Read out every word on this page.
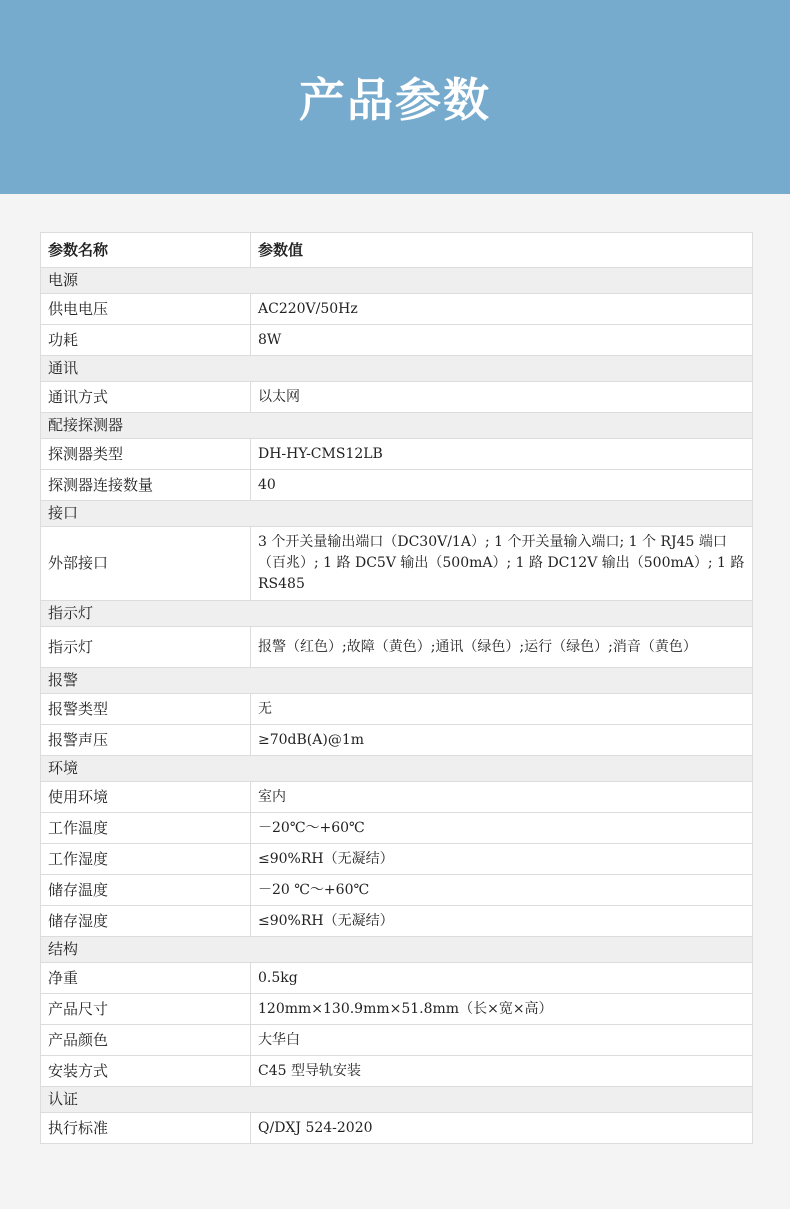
产品参数
参数名称	参数值
电源	
供电电压	AC220V/50Hz
功耗	8W
通讯	
通讯方式	以太网
配接探测器	
探测器类型	DH-HY-CMS12LB
探测器连接数量	40
接口	
外部接口	3 个开关量输出端口（DC30V/1A）; 1 个开关量输入端口; 1 个 RJ45 端口（百兆）; 1 路 DC5V 输出（500mA）; 1 路 DC12V 输出（500mA）; 1 路 RS485
指示灯	
指示灯	报警（红色）;故障（黄色）;通讯（绿色）;运行（绿色）;消音（黄色）
报警	
报警类型	无
报警声压	≥70dB(A)@1m
环境	
使用环境	室内
工作温度	－20℃～+60℃
工作湿度	≤90%RH（无凝结）
储存温度	－20 ℃～+60℃
储存湿度	≤90%RH（无凝结）
结构	
净重	0.5kg
产品尺寸	120mm×130.9mm×51.8mm（长×宽×高）
产品颜色	大华白
安装方式	C45 型导轨安装
认证	
执行标准	Q/DXJ 524-2020
